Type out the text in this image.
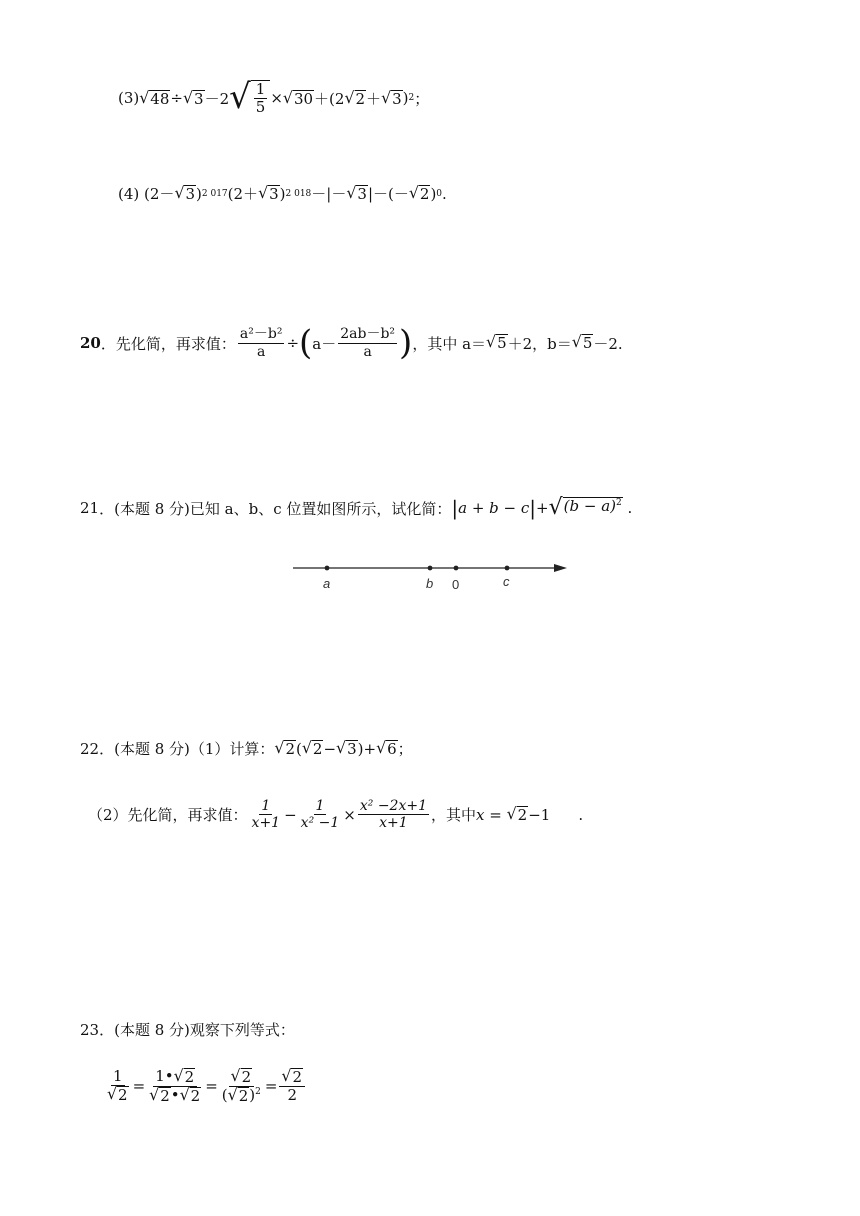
(3) √ 48 ÷ √ 3 －2 √ $\frac{1}{5}$ × √ 30 ＋(2 √ 2 ＋ √ 3 ) 2 ；
(4)
(2－ √ 3 ) 2 017 (2＋ √ 3 ) 2 018 －|－ √ 3 |－(－ √ 2 ) 0 .
20 ． 先化简，再求值： $\frac{\text{a²－b²}}{a}$ ÷ ( $a- \frac{\text{2ab－b²}}{a}$ ) ，其中 a＝ √ 5 ＋2，b＝ √ 5 －2.
21 ．(本题 8 分)已知 a、b、c 位置如图所示，试化简： | a + b − c | + √ $(b - a)^2$
.
a	b 0	c
22 ．(本题 8 分)（1）计算： √ 2 ( √ 2 − √ 3 )+ √ 6 ；
（2）先化简，再求值： $\frac{1}{x+1} - \frac{1}{\text{x² −1}} \times \frac{\text{x² −2x+1}}{x+1}$ ，其中 x =
√ 2 −1 .
23 ．(本题 8 分)观察下列等式：
$\frac{1}{√ 2} = \frac{1• √ 2}{√ 2 • √ 2} = \frac{√ 2}{( √ 2 )^2} = \frac{√ 2}{2}$
